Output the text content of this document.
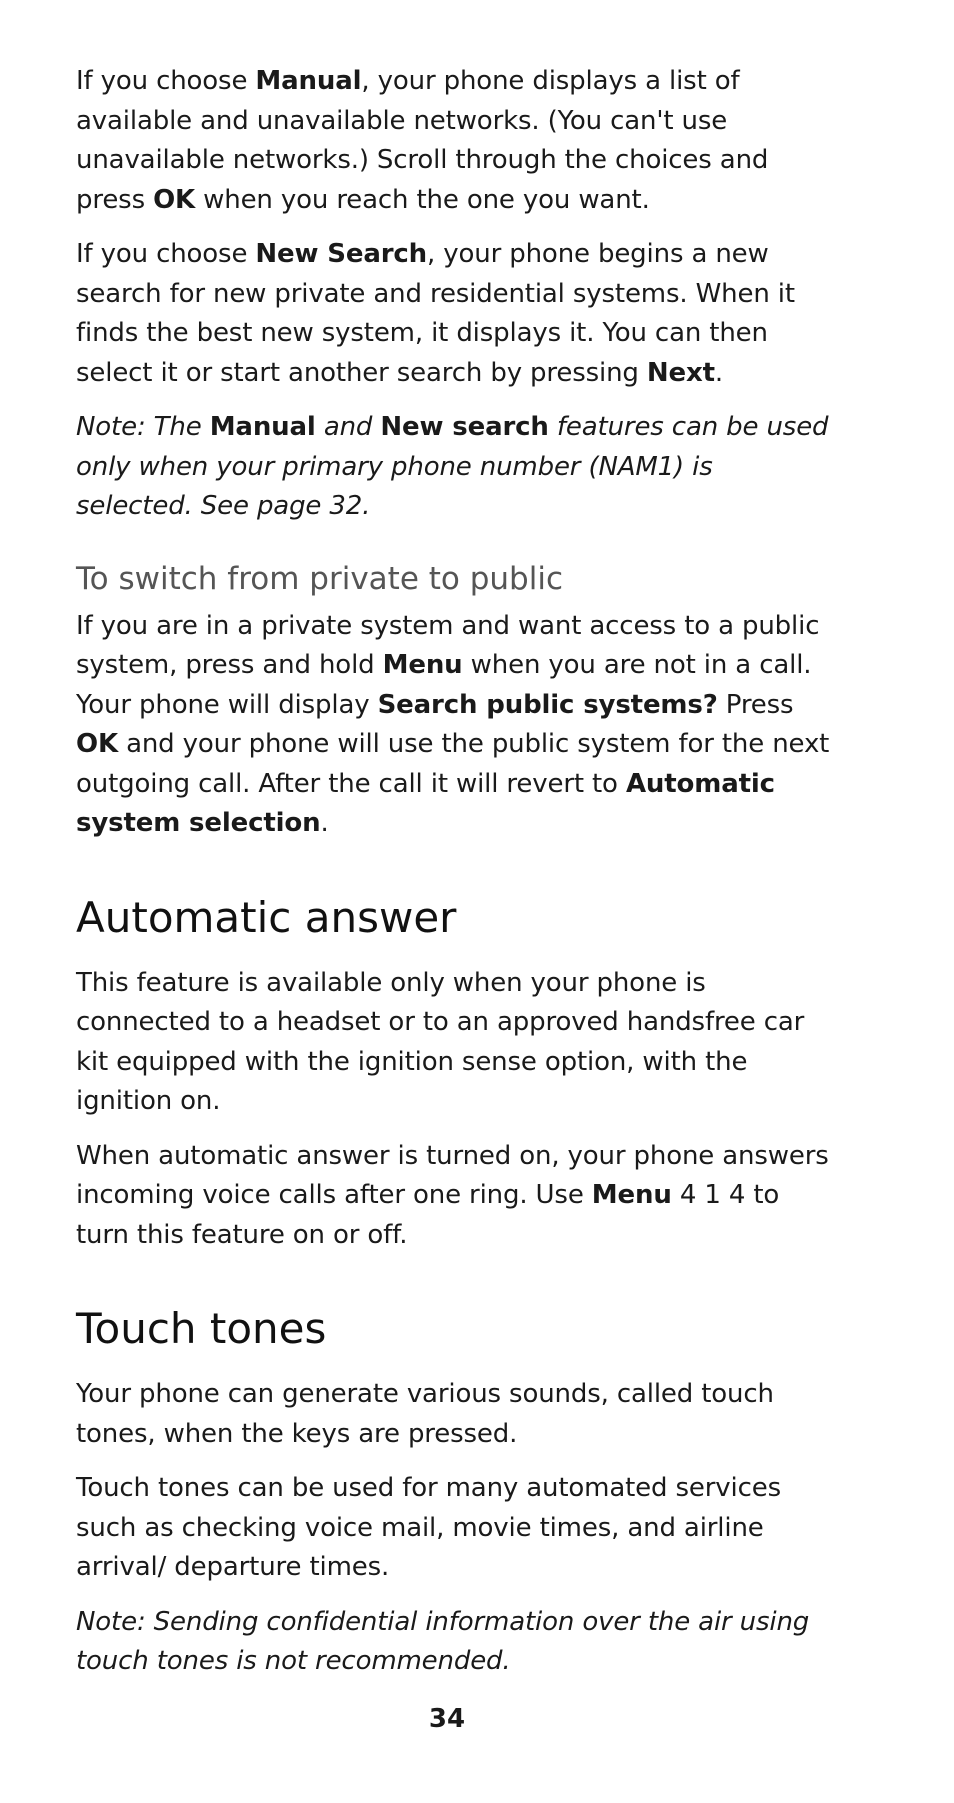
If you choose Manual, your phone displays a list of available and unavailable networks. (You can't use unavailable networks.) Scroll through the choices and press OK when you reach the one you want.

If you choose New Search, your phone begins a new search for new private and residential systems. When it finds the best new system, it displays it. You can then select it or start another search by pressing Next.

Note: The Manual and New search features can be used only when your primary phone number (NAM1) is selected. See page 32.

To switch from private to public

If you are in a private system and want access to a public system, press and hold Menu when you are not in a call. Your phone will display Search public systems? Press OK and your phone will use the public system for the next outgoing call. After the call it will revert to Automatic system selection.

Automatic answer

This feature is available only when your phone is connected to a headset or to an approved handsfree car kit equipped with the ignition sense option, with the ignition on.

When automatic answer is turned on, your phone answers incoming voice calls after one ring. Use Menu 4 1 4 to turn this feature on or off.

Touch tones

Your phone can generate various sounds, called touch tones, when the keys are pressed.

Touch tones can be used for many automated services such as checking voice mail, movie times, and airline arrival/ departure times.

Note: Sending confidential information over the air using touch tones is not recommended.

34
